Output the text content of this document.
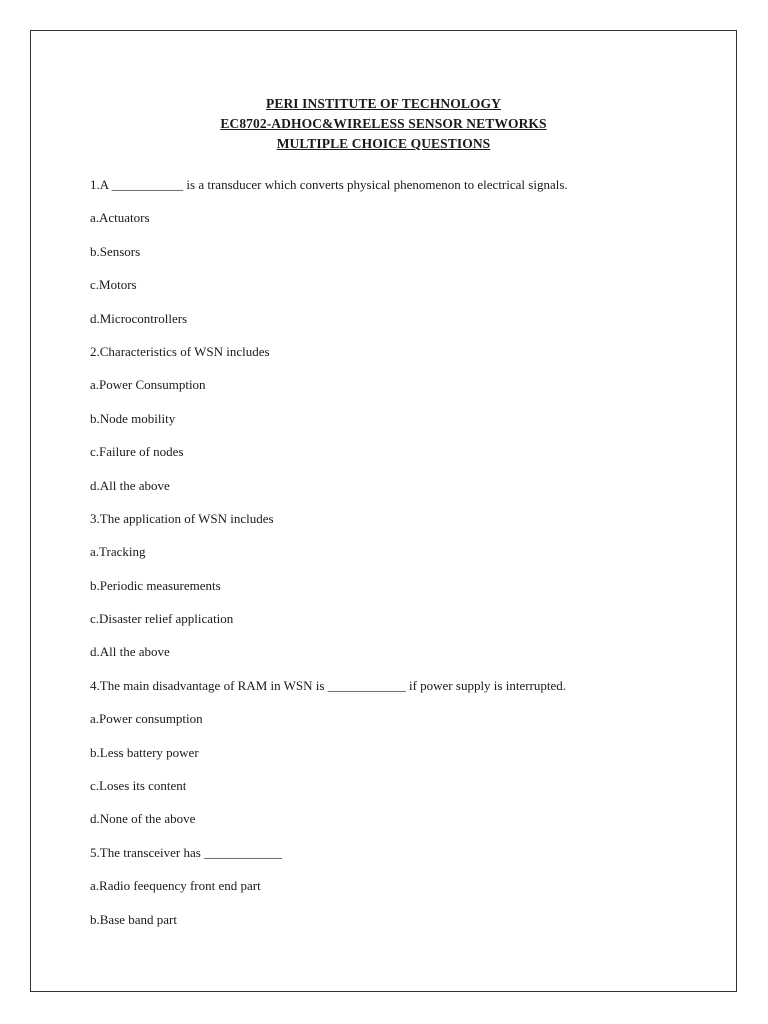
PERI INSTITUTE OF TECHNOLOGY
EC8702-ADHOC&WIRELESS SENSOR NETWORKS
MULTIPLE CHOICE QUESTIONS
1.A ___________ is a transducer which converts physical phenomenon to electrical signals.
a.Actuators
b.Sensors
c.Motors
d.Microcontrollers
2.Characteristics of WSN includes
a.Power Consumption
b.Node mobility
c.Failure of nodes
d.All the above
3.The application of WSN includes
a.Tracking
b.Periodic measurements
c.Disaster relief application
d.All the above
4.The main disadvantage of RAM in WSN is ____________ if power supply is interrupted.
a.Power consumption
b.Less battery power
c.Loses its content
d.None of the above
5.The transceiver has ____________
a.Radio feequency front end part
b.Base band part
